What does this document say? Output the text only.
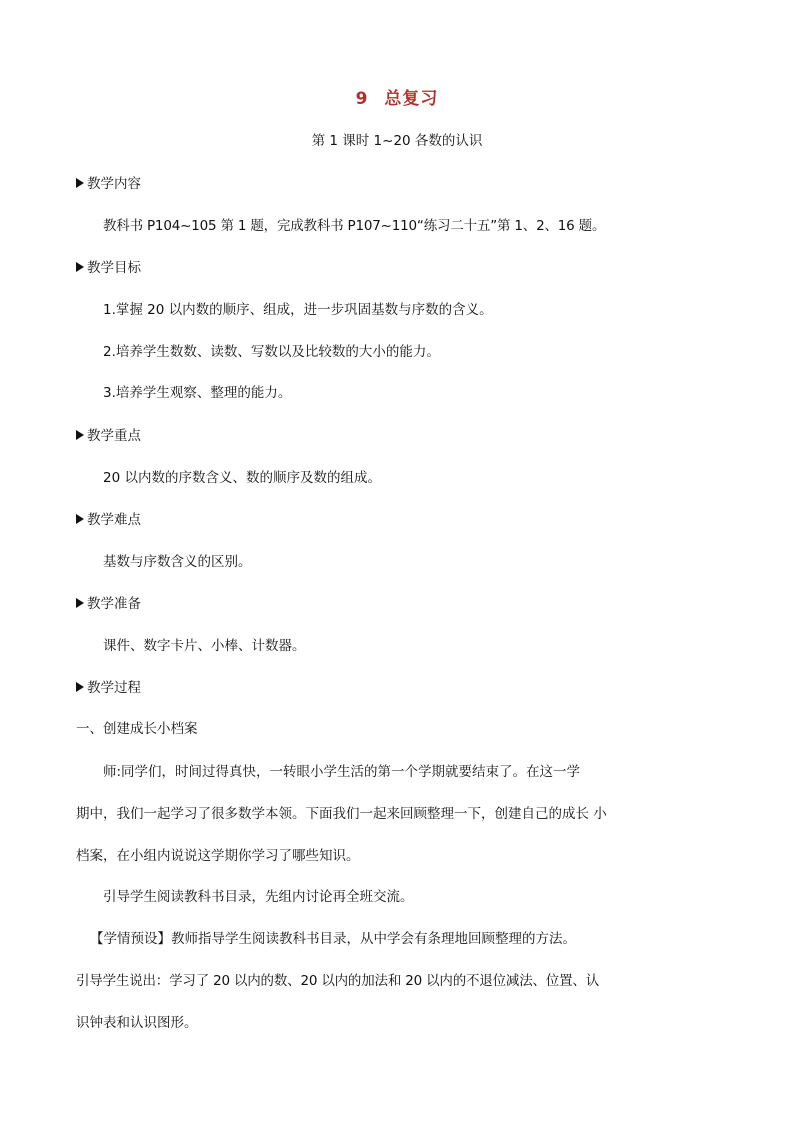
9 总复习
第 1 课时 1~20 各数的认识
教学内容
教科书 P104~105 第 1 题，完成教科书 P107~110“练习二十五”第 1、2、16 题。
教学目标
1.掌握 20 以内数的顺序、组成，进一步巩固基数与序数的含义。
2.培养学生数数、读数、写数以及比较数的大小的能力。
3.培养学生观察、整理的能力。
教学重点
20 以内数的序数含义、数的顺序及数的组成。
教学难点
基数与序数含义的区别。
教学准备
课件、数字卡片、小棒、计数器。
教学过程
一、创建成长小档案
师:同学们，时间过得真快，一转眼小学生活的第一个学期就要结束了。在这一学
期中，我们一起学习了很多数学本领。下面我们一起来回顾整理一下，创建自己的成长 小
档案，在小组内说说这学期你学习了哪些知识。
引导学生阅读教科书目录，先组内讨论再全班交流。
【学情预设】教师指导学生阅读教科书目录，从中学会有条理地回顾整理的方法。
引导学生说出：学习了 20 以内的数、20 以内的加法和 20 以内的不退位减法、位置、认
识钟表和认识图形。
